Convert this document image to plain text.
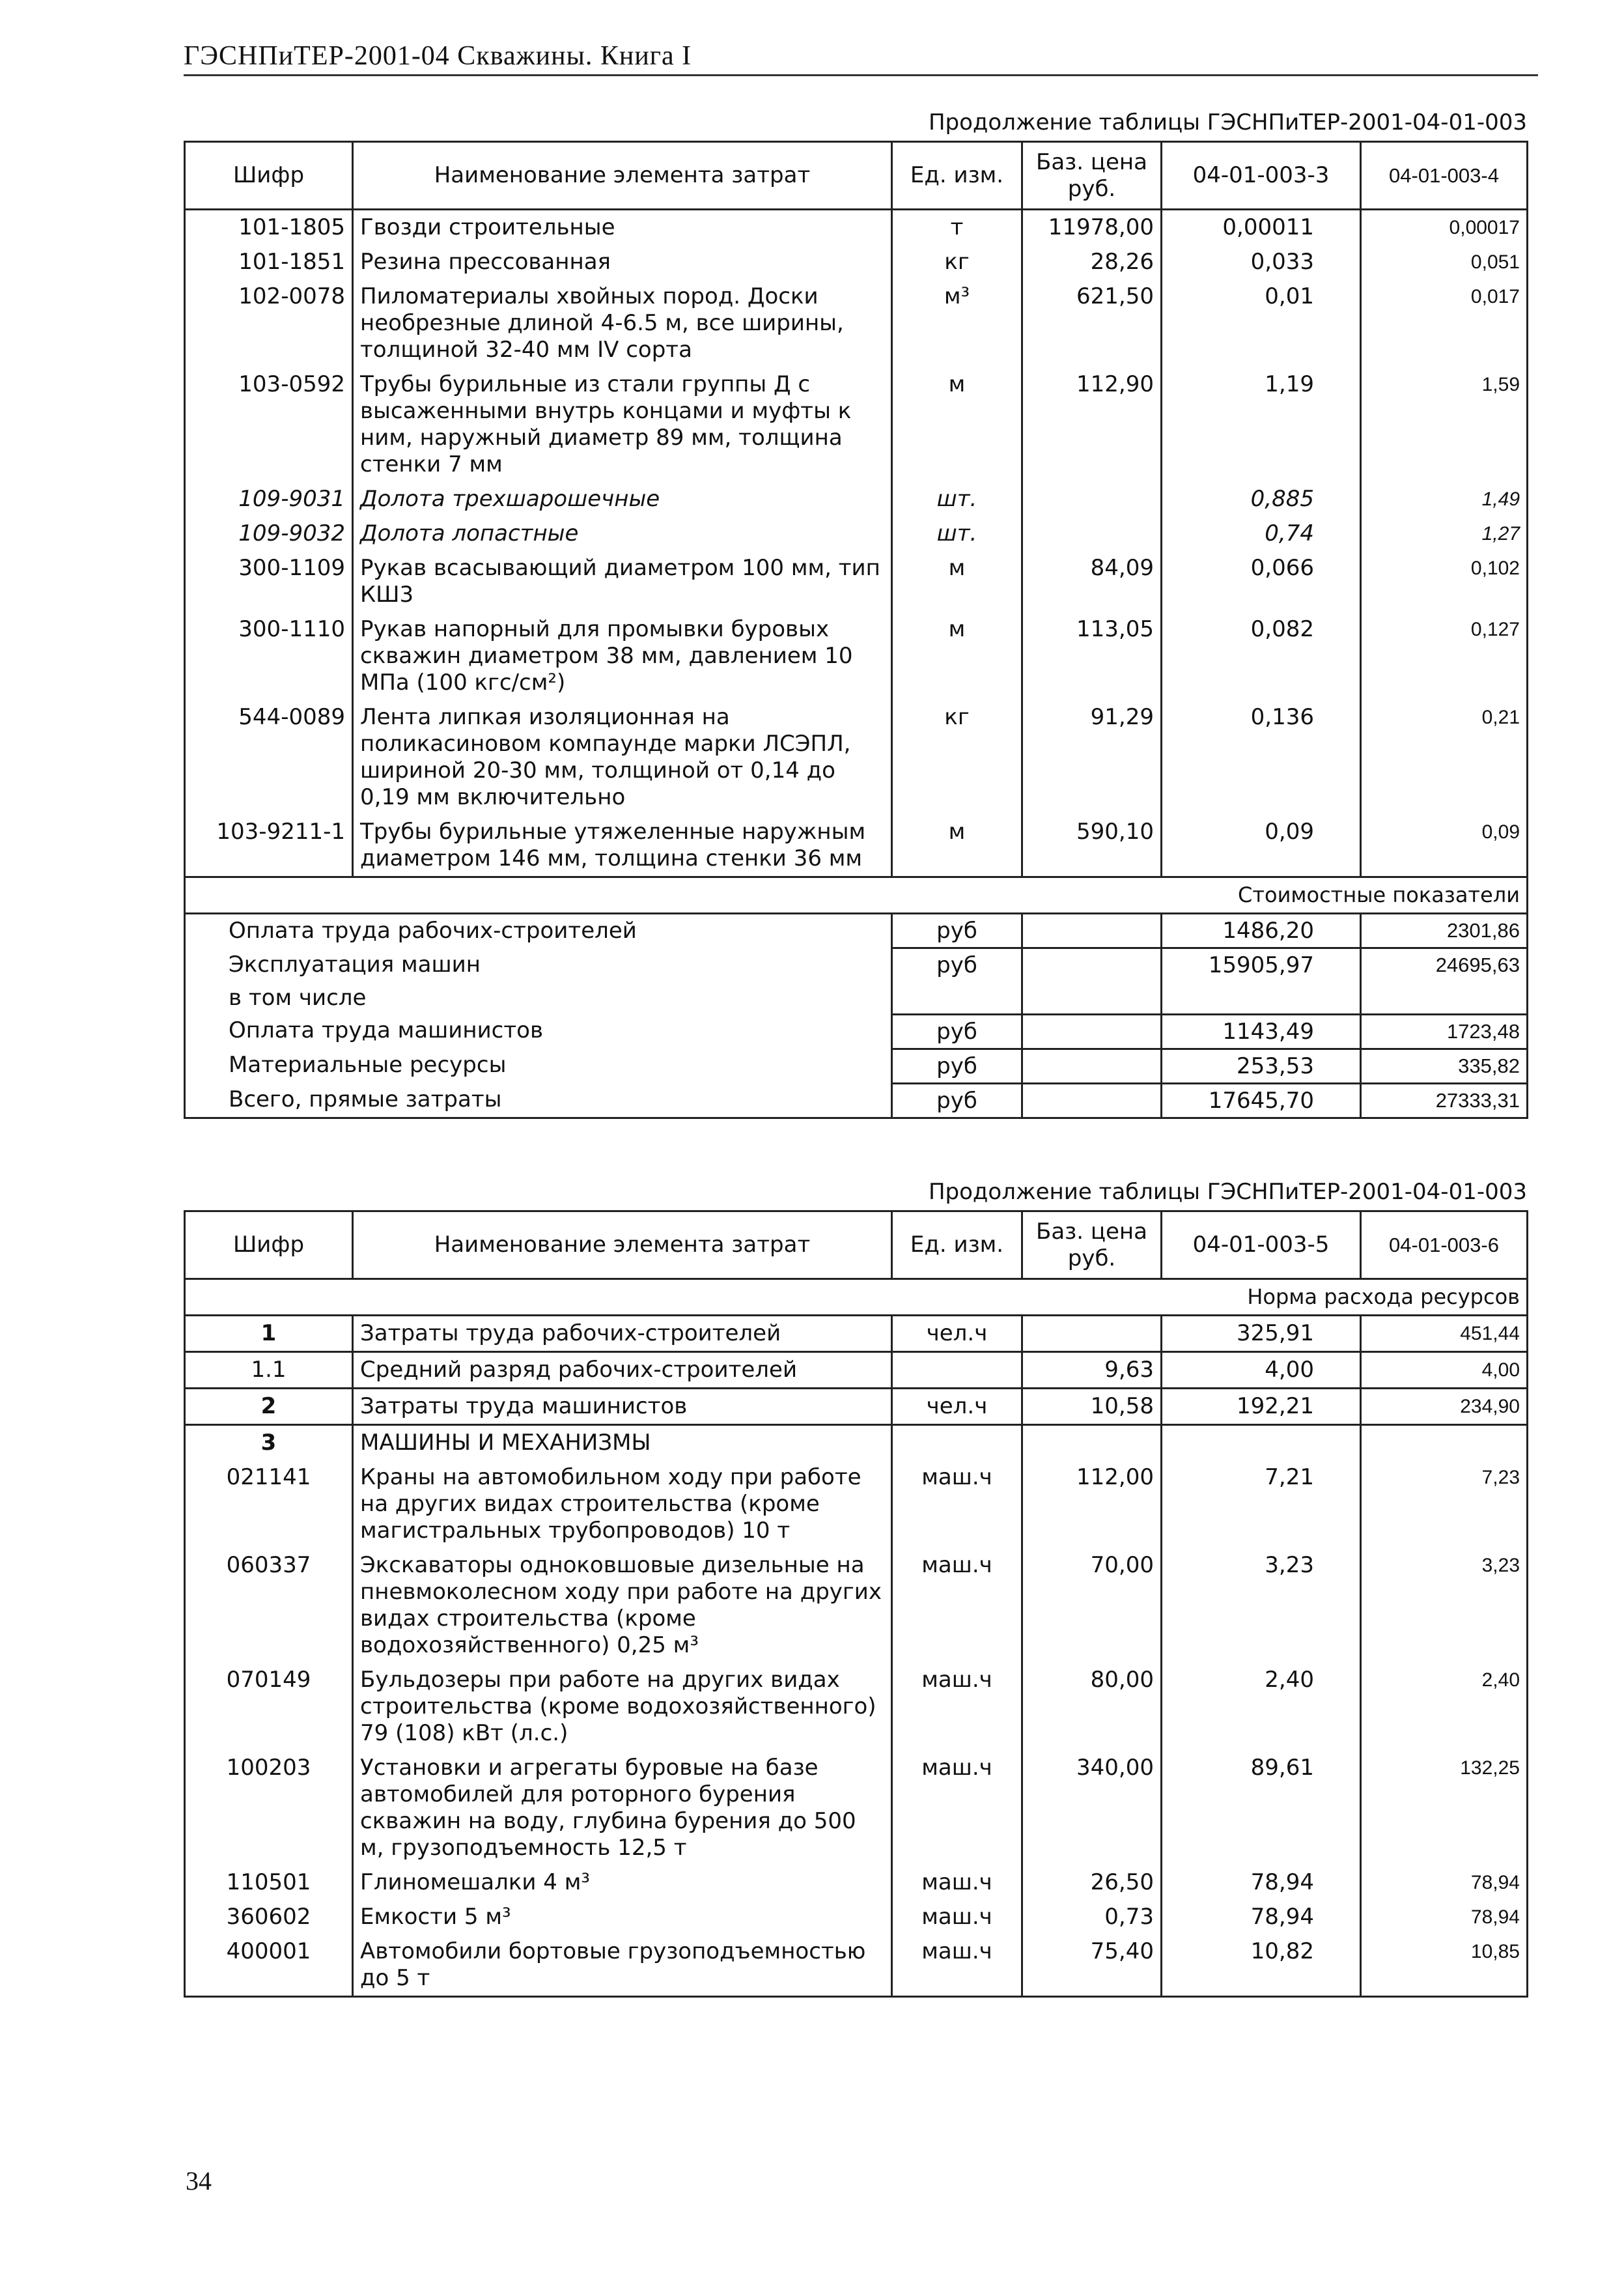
ГЭСНПиТЕР-2001-04 Скважины. Книга I
Продолжение таблицы ГЭСНПиТЕР-2001-04-01-003
Шифр	Наименование элемента затрат	Ед. изм.	Баз. цена
руб.	04-01-003-3	04-01-003-4
101-1805	Гвозди строительные	т	11978,00	0,00011	0,00017
101-1851	Резина прессованная	кг	28,26	0,033	0,051
102-0078	Пиломатериалы хвойных пород. Доски необрезные длиной 4-6.5 м, все ширины, толщиной 32-40 мм IV сорта	м³	621,50	0,01	0,017
103-0592	Трубы бурильные из стали группы Д с высаженными внутрь концами и муфты к ним, наружный диаметр 89 мм, толщина стенки 7 мм	м	112,90	1,19	1,59
109-9031	Долота трехшарошечные	шт.		0,885	1,49
109-9032	Долота лопастные	шт.		0,74	1,27
300-1109	Рукав всасывающий диаметром 100 мм, тип КШ3	м	84,09	0,066	0,102
300-1110	Рукав напорный для промывки буровых скважин диаметром 38 мм, давлением 10 МПа (100 кгс/см²)	м	113,05	0,082	0,127
544-0089	Лента липкая изоляционная на поликасиновом компаунде марки ЛСЭПЛ, шириной 20-30 мм, толщиной от 0,14 до 0,19 мм включительно	кг	91,29	0,136	0,21
103-9211-1	Трубы бурильные утяжеленные наружным диаметром 146 мм, толщина стенки 36 мм	м	590,10	0,09	0,09
Стоимостные показатели					
Оплата труда рабочих-строителей		руб		1486,20	2301,86
Эксплуатация машин		руб		15905,97	24695,63
в том числе					
Оплата труда машинистов		руб		1143,49	1723,48
Материальные ресурсы		руб		253,53	335,82
Всего, прямые затраты		руб		17645,70	27333,31
Продолжение таблицы ГЭСНПиТЕР-2001-04-01-003
Шифр	Наименование элемента затрат	Ед. изм.	Баз. цена
руб.	04-01-003-5	04-01-003-6
Норма расхода ресурсов					
1	Затраты труда рабочих-строителей	чел.ч		325,91	451,44
1.1	Средний разряд рабочих-строителей		9,63	4,00	4,00
2	Затраты труда машинистов	чел.ч	10,58	192,21	234,90
3	МАШИНЫ И МЕХАНИЗМЫ				
021141	Краны на автомобильном ходу при работе на других видах строительства (кроме магистральных трубопроводов) 10 т	маш.ч	112,00	7,21	7,23
060337	Экскаваторы одноковшовые дизельные на пневмоколесном ходу при работе на других видах строительства (кроме водохозяйственного) 0,25 м³	маш.ч	70,00	3,23	3,23
070149	Бульдозеры при работе на других видах строительства (кроме водохозяйственного) 79 (108) кВт (л.с.)	маш.ч	80,00	2,40	2,40
100203	Установки и агрегаты буровые на базе автомобилей для роторного бурения скважин на воду, глубина бурения до 500 м, грузоподъемность 12,5 т	маш.ч	340,00	89,61	132,25
110501	Глиномешалки 4 м³	маш.ч	26,50	78,94	78,94
360602	Емкости 5 м³	маш.ч	0,73	78,94	78,94
400001	Автомобили бортовые грузоподъемностью до 5 т	маш.ч	75,40	10,82	10,85
34
